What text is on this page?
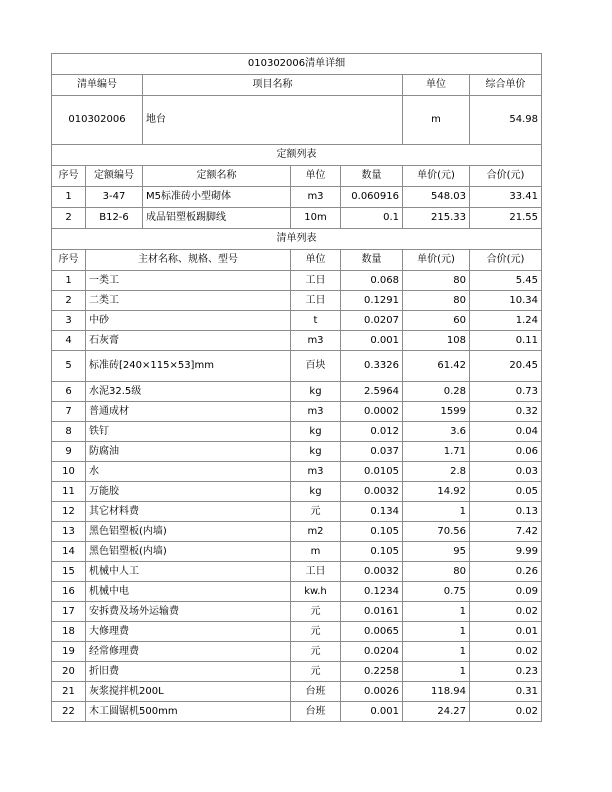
010302006清单详细						
清单编号		项目名称			单位	综合单价
010302006		地台			m	54.98
定额列表						
序号	定额编号	定额名称	单位	数量	单价(元)	合价(元)
1	3-47	M5标准砖小型砌体	m3	0.060916	548.03	33.41
2	B12-6	成品铝塑板踢脚线	10m	0.1	215.33	21.55
清单列表						
序号	主材名称、规格、型号		单位	数量	单价(元)	合价(元)
1	一类工		工日	0.068	80	5.45
2	二类工		工日	0.1291	80	10.34
3	中砂		t	0.0207	60	1.24
4	石灰膏		m3	0.001	108	0.11
5	标准砖[240×115×53]mm		百块	0.3326	61.42	20.45
6	水泥32.5级		kg	2.5964	0.28	0.73
7	普通成材		m3	0.0002	1599	0.32
8	铁钉		kg	0.012	3.6	0.04
9	防腐油		kg	0.037	1.71	0.06
10	水		m3	0.0105	2.8	0.03
11	万能胶		kg	0.0032	14.92	0.05
12	其它材料费		元	0.134	1	0.13
13	黑色铝塑板(内墙)		m2	0.105	70.56	7.42
14	黑色铝塑板(内墙)		m	0.105	95	9.99
15	机械中人工		工日	0.0032	80	0.26
16	机械中电		kw.h	0.1234	0.75	0.09
17	安拆费及场外运输费		元	0.0161	1	0.02
18	大修理费		元	0.0065	1	0.01
19	经常修理费		元	0.0204	1	0.02
20	折旧费		元	0.2258	1	0.23
21	灰浆搅拌机200L		台班	0.0026	118.94	0.31
22	木工圆锯机500mm		台班	0.001	24.27	0.02
